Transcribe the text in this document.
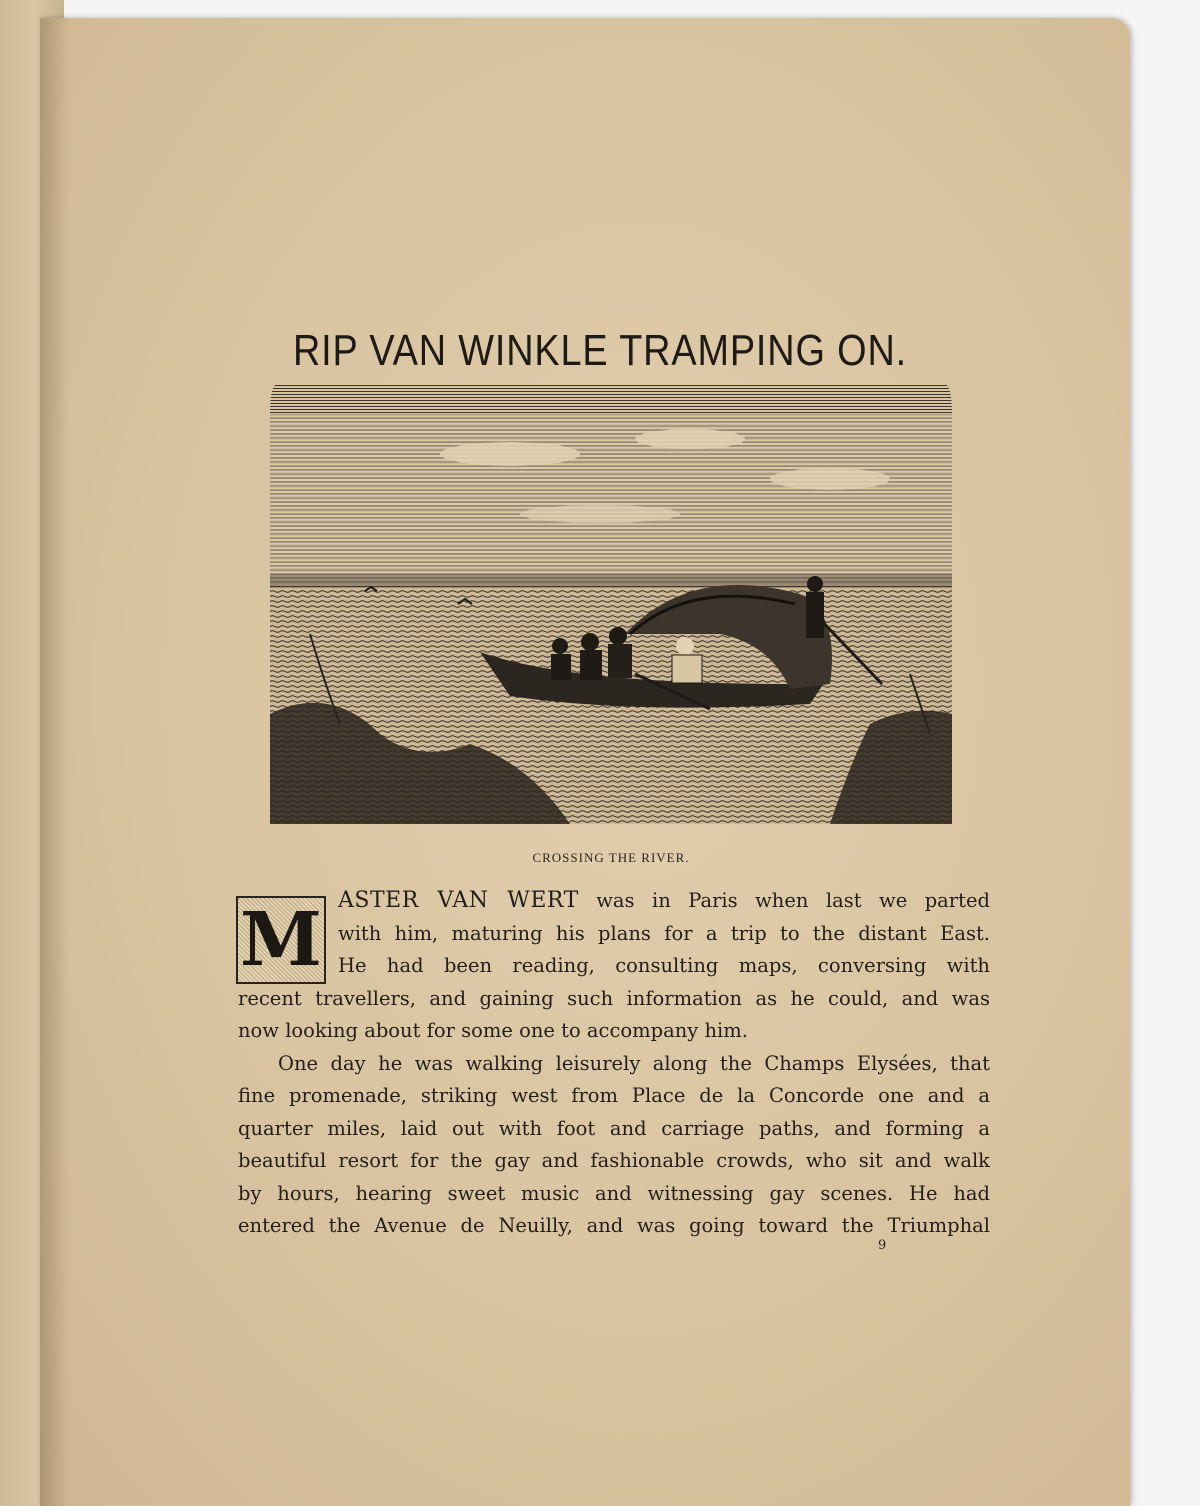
RIP VAN WINKLE TRAMPING ON.
CROSSING THE RIVER.
M ASTER VAN WERT was in Paris when last we parted
with him, maturing his plans for a trip to the distant East.
He had been reading, consulting maps, conversing with
recent travellers, and gaining such information as he could, and was
now looking about for some one to accompany him.
One day he was walking leisurely along the Champs Elysées, that
fine promenade, striking west from Place de la Concorde one and a
quarter miles, laid out with foot and carriage paths, and forming a
beautiful resort for the gay and fashionable crowds, who sit and walk
by hours, hearing sweet music and witnessing gay scenes. He had
entered the Avenue de Neuilly, and was going toward the Triumphal
9
